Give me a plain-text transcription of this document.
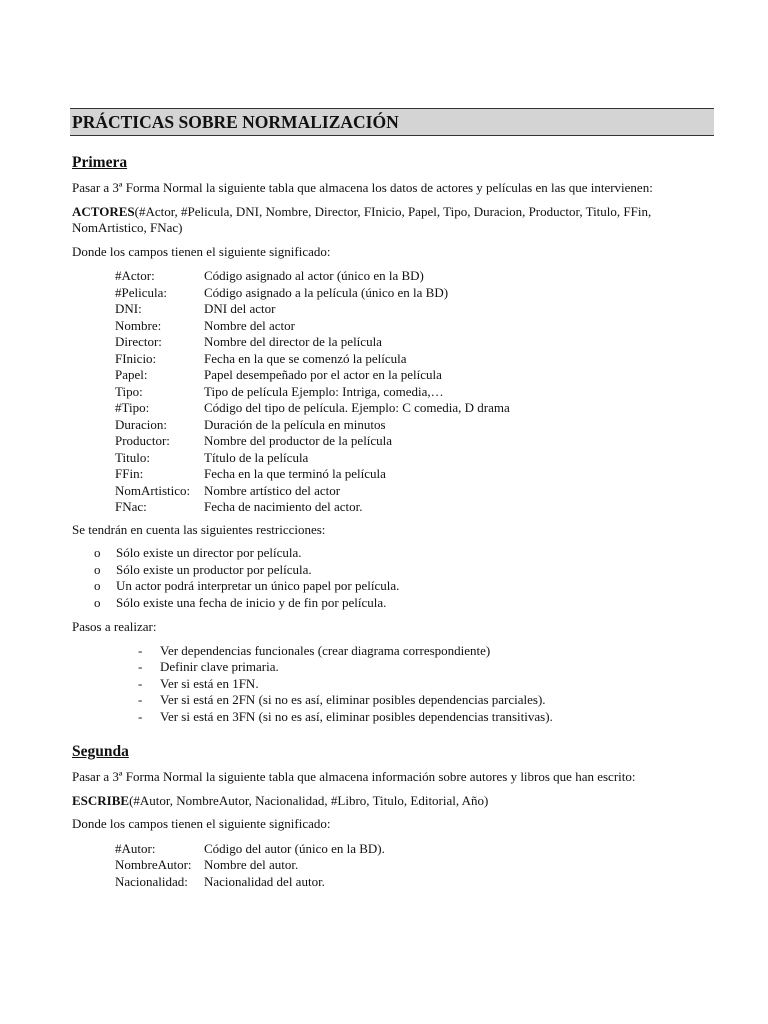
PRÁCTICAS SOBRE NORMALIZACIÓN
Primera

Pasar a 3ª Forma Normal la siguiente tabla que almacena los datos de actores y películas en las que intervienen:

ACTORES(#Actor, #Pelicula, DNI, Nombre, Director, FInicio, Papel, Tipo, Duracion, Productor, Titulo, FFin, NomArtistico, FNac)

Donde los campos tienen el siguiente significado:

#Actor:	Código asignado al actor (único en la BD)
#Pelicula:	Código asignado a la película (único en la BD)
DNI:	DNI del actor
Nombre:	Nombre del actor
Director:	Nombre del director de la película
FInicio:	Fecha en la que se comenzó la película
Papel:	Papel desempeñado por el actor en la película
Tipo:	Tipo de película Ejemplo: Intriga, comedia,…
#Tipo:	Código del tipo de película. Ejemplo: C comedia, D drama
Duracion:	Duración de la película en minutos
Productor:	Nombre del productor de la película
Titulo:	Título de la película
FFin:	Fecha en la que terminó la película
NomArtistico:	Nombre artístico del actor
FNac:	Fecha de nacimiento del actor.

Se tendrán en cuenta las siguientes restricciones:

o	Sólo existe un director por película.
o	Sólo existe un productor por película.
o	Un actor podrá interpretar un único papel por película.
o	Sólo existe una fecha de inicio y de fin por película.

Pasos a realizar:

-	Ver dependencias funcionales (crear diagrama correspondiente)
-	Definir clave primaria.
-	Ver si está en 1FN.
-	Ver si está en 2FN (si no es así, eliminar posibles dependencias parciales).
-	Ver si está en 3FN (si no es así, eliminar posibles dependencias transitivas).
Segunda

Pasar a 3ª Forma Normal la siguiente tabla que almacena información sobre autores y libros que han escrito:

ESCRIBE(#Autor, NombreAutor, Nacionalidad, #Libro, Titulo, Editorial, Año)

Donde los campos tienen el siguiente significado:

#Autor:	Código del autor (único en la BD).
NombreAutor: Nombre del autor.
Nacionalidad:	Nacionalidad del autor.
